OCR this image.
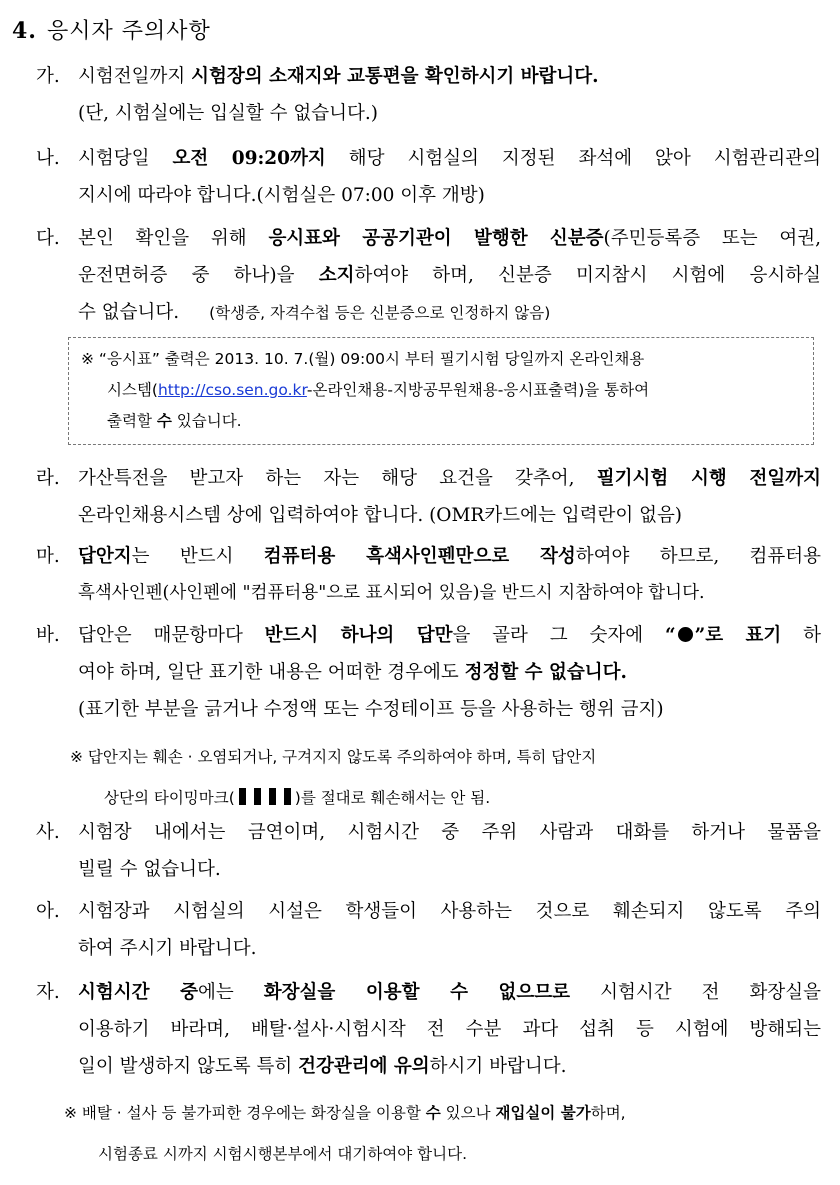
4. 응시자 주의사항
가. 시험전일까지 시험장의 소재지와 교통편을 확인하시기 바랍니다.
(단, 시험실에는 입실할 수 없습니다.)
나. 시험당일 오전 09:20까지 해당 시험실의 지정된 좌석에 앉아 시험관리관의
지시에 따라야 합니다.(시험실은 07:00 이후 개방)
다. 본인 확인을 위해 응시표와 공공기관이 발행한 신분증(주민등록증 또는 여권,
운전면허증 중 하나)을 소지하여야 하며, 신분증 미지참시 시험에 응시하실
수 없습니다. (학생증, 자격수첩 등은 신분증으로 인정하지 않음)
※ “응시표” 출력은 2013. 10. 7.(월) 09:00시 부터 필기시험 당일까지 온라인채용
시스템(http://cso.sen.go.kr-온라인채용-지방공무원채용-응시표출력)을 통하여
출력할 수 있습니다.
라. 가산특전을 받고자 하는 자는 해당 요건을 갖추어, 필기시험 시행 전일까지
온라인채용시스템 상에 입력하여야 합니다. (OMR카드에는 입력란이 없음)
마. 답안지는 반드시 컴퓨터용 흑색사인펜만으로 작성하여야 하므로, 컴퓨터용
흑색사인펜(사인펜에 "컴퓨터용"으로 표시되어 있음)을 반드시 지참하여야 합니다.
바. 답안은 매문항마다 반드시 하나의 답만을 골라 그 숫자에 “ ”로 표기 하
여야 하며, 일단 표기한 내용은 어떠한 경우에도 정정할 수 없습니다.
(표기한 부분을 긁거나 수정액 또는 수정테이프 등을 사용하는 행위 금지)
※ 답안지는 훼손 · 오염되거나, 구겨지지 않도록 주의하여야 하며, 특히 답안지
상단의 타이밍마크(	)를 절대로 훼손해서는 안 됨.
사. 시험장 내에서는 금연이며, 시험시간 중 주위 사람과 대화를 하거나 물품을
빌릴 수 없습니다.
아. 시험장과 시험실의 시설은 학생들이 사용하는 것으로 훼손되지 않도록 주의
하여 주시기 바랍니다.
자. 시험시간 중에는 화장실을 이용할 수 없으므로 시험시간 전 화장실을
이용하기 바라며, 배탈·설사·시험시작 전 수분 과다 섭취 등 시험에 방해되는
일이 발생하지 않도록 특히 건강관리에 유의하시기 바랍니다.
※ 배탈 · 설사 등 불가피한 경우에는 화장실을 이용할 수 있으나 재입실이 불가하며,
시험종료 시까지 시험시행본부에서 대기하여야 합니다.
